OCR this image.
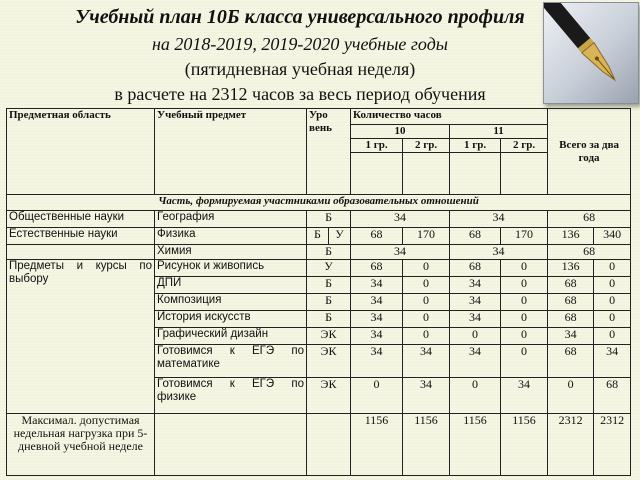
Учебный план 10Б класса универсального профиля
на 2018-2019, 2019-2020 учебные годы
(пятидневная учебная неделя)
в расчете на 2312 часов за весь период обучения
Предметная область	Учебный предмет	Уро вень		Количество часов				Всего за два года	
				10		11			
				1 гр.	2 гр.	1 гр.	2 гр.		

Часть, формируемая участниками образовательных отношений									
Общественные науки	География	Б		34		34		68	
Естественные науки	Физика	Б	У	68	170	68	170	136	340
	Химия	Б		34		34		68	
Предметы и курсы по выбору	Рисунок и живопись	У		68	0	68	0	136	0
	ДПИ	Б		34	0	34	0	68	0
	Композиция	Б		34	0	34	0	68	0
	История искусств	Б		34	0	34	0	68	0
	Графический дизайн	ЭК		34	0	0	0	34	0
	Готовимся к ЕГЭ по математике	ЭК		34	34	34	0	68	34
	Готовимся к ЕГЭ по физике	ЭК		0	34	0	34	0	68
Максимал. допустимая недельная нагрузка при 5- дневной учебной неделе				1156	1156	1156	1156	2312	2312
